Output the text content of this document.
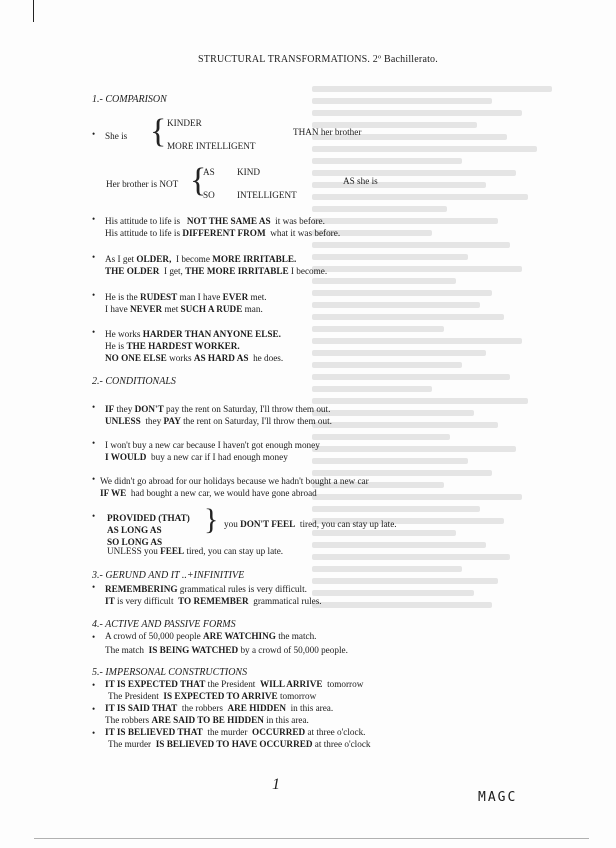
STRUCTURAL TRANSFORMATIONS. 2º Bachillerato.
1.- COMPARISON
• She is { KINDER
MORE INTELLIGENT
THAN her brother
Her brother is NOT {
AS KIND
SO INTELLIGENT
AS she is
• His attitude to life is NOT THE SAME AS it was before.
His attitude to life is DIFFERENT FROM what it was before.
• As I get OLDER, I become MORE IRRITABLE.
THE OLDER I get, THE MORE IRRITABLE I become.
• He is the RUDEST man I have EVER met.
I have NEVER met SUCH A RUDE man.
• He works HARDER THAN ANYONE ELSE.
He is THE HARDEST WORKER.
NO ONE ELSE works AS HARD AS he does.
2.- CONDITIONALS
• IF they DON'T pay the rent on Saturday, I'll throw them out.
UNLESS they PAY the rent on Saturday, I'll throw them out.
• I won't buy a new car because I haven't got enough money
I WOULD buy a new car if I had enough money
• We didn't go abroad for our holidays because we hadn't bought a new car
IF WE had bought a new car, we would have gone abroad
• PROVIDED (THAT)
AS LONG AS
SO LONG AS
{ you DON'T FEEL tired, you can stay up late.
UNLESS you FEEL tired, you can stay up late.
3.- GERUND AND IT ..+INFINITIVE
• REMEMBERING grammatical rules is very difficult.
IT is very difficult TO REMEMBER grammatical rules.
4.- ACTIVE AND PASSIVE FORMS
• A crowd of 50,000 people ARE WATCHING the match.
The match IS BEING WATCHED by a crowd of 50,000 people.
5.- IMPERSONAL CONSTRUCTIONS
• IT IS EXPECTED THAT the President WILL ARRIVE tomorrow
The President IS EXPECTED TO ARRIVE tomorrow
• IT IS SAID THAT the robbers ARE HIDDEN in this area.
The robbers ARE SAID TO BE HIDDEN in this area.
• IT IS BELIEVED THAT the murder OCCURRED at three o'clock.
The murder IS BELIEVED TO HAVE OCCURRED at three o'clock
1
MAGC
